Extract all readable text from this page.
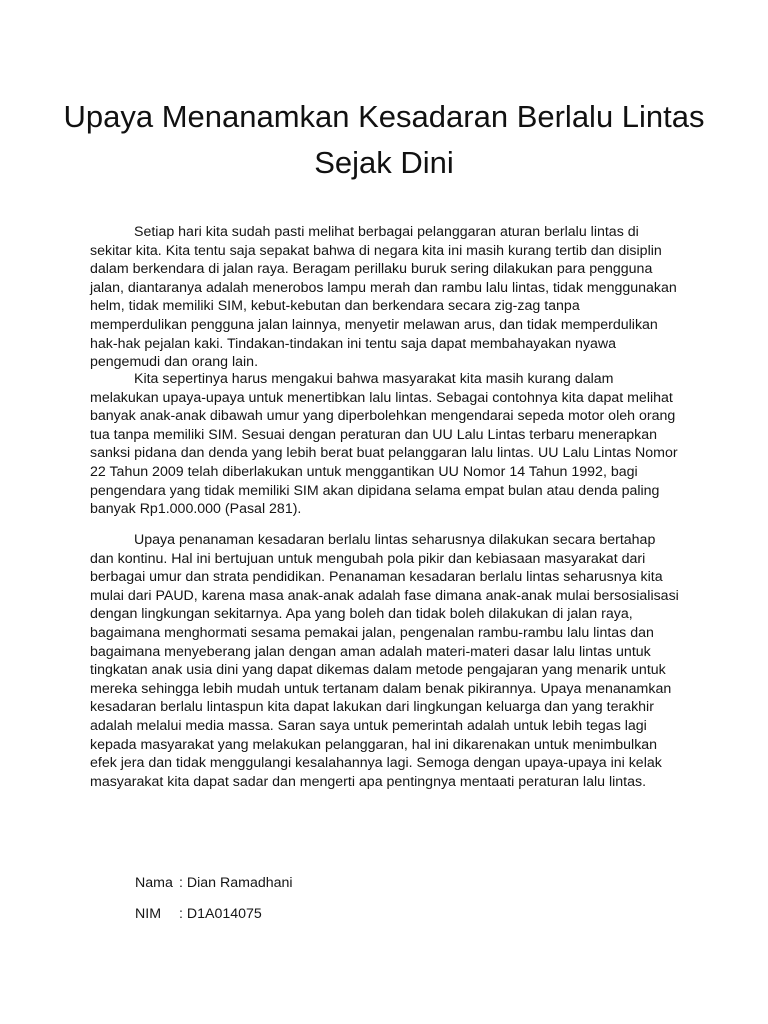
Upaya Menanamkan Kesadaran Berlalu Lintas Sejak Dini

Setiap hari kita sudah pasti melihat berbagai pelanggaran aturan berlalu lintas di sekitar kita. Kita tentu saja sepakat bahwa di negara kita ini masih kurang tertib dan disiplin dalam berkendara di jalan raya. Beragam perillaku buruk sering dilakukan para pengguna jalan, diantaranya adalah menerobos lampu merah dan rambu lalu lintas, tidak menggunakan helm, tidak memiliki SIM, kebut-kebutan dan berkendara secara zig-zag tanpa memperdulikan pengguna jalan lainnya, menyetir melawan arus, dan tidak memperdulikan hak-hak pejalan kaki. Tindakan-tindakan ini tentu saja dapat membahayakan nyawa pengemudi dan orang lain.

Kita sepertinya harus mengakui bahwa masyarakat kita masih kurang dalam melakukan upaya-upaya untuk menertibkan lalu lintas. Sebagai contohnya kita dapat melihat banyak anak-anak dibawah umur yang diperbolehkan mengendarai sepeda motor oleh orang tua tanpa memiliki SIM. Sesuai dengan peraturan dan UU Lalu Lintas terbaru menerapkan sanksi pidana dan denda yang lebih berat buat pelanggaran lalu lintas. UU Lalu Lintas Nomor 22 Tahun 2009 telah diberlakukan untuk menggantikan UU Nomor 14 Tahun 1992, bagi pengendara yang tidak memiliki SIM akan dipidana selama empat bulan atau denda paling banyak Rp1.000.000 (Pasal 281).

Upaya penanaman kesadaran berlalu lintas seharusnya dilakukan secara bertahap dan kontinu. Hal ini bertujuan untuk mengubah pola pikir dan kebiasaan masyarakat dari berbagai umur dan strata pendidikan. Penanaman kesadaran berlalu lintas seharusnya kita mulai dari PAUD, karena masa anak-anak adalah fase dimana anak-anak mulai bersosialisasi dengan lingkungan sekitarnya. Apa yang boleh dan tidak boleh dilakukan di jalan raya, bagaimana menghormati sesama pemakai jalan, pengenalan rambu-rambu lalu lintas dan bagaimana menyeberang jalan dengan aman adalah materi-materi dasar lalu lintas untuk tingkatan anak usia dini yang dapat dikemas dalam metode pengajaran yang menarik untuk mereka sehingga lebih mudah untuk tertanam dalam benak pikirannya. Upaya menanamkan kesadaran berlalu lintaspun kita dapat lakukan dari lingkungan keluarga dan yang terakhir adalah melalui media massa. Saran saya untuk pemerintah adalah untuk lebih tegas lagi kepada masyarakat yang melakukan pelanggaran, hal ini dikarenakan untuk menimbulkan efek jera dan tidak menggulangi kesalahannya lagi. Semoga dengan upaya-upaya ini kelak masyarakat kita dapat sadar dan mengerti apa pentingnya mentaati peraturan lalu lintas.

Nama : Dian Ramadhani
NIM : D1A014075
